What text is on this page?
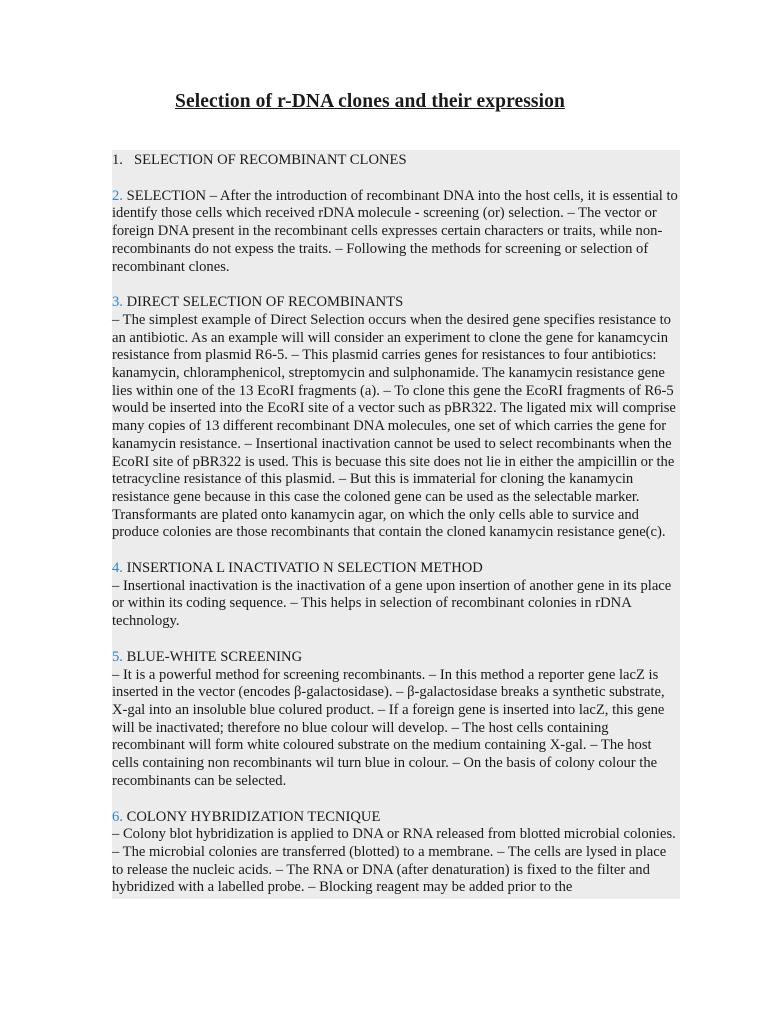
Selection of r-DNA clones and their expression

1. SELECTION OF RECOMBINANT CLONES

2. SELECTION – After the introduction of recombinant DNA into the host cells, it is essential to identify those cells which received rDNA molecule - screening (or) selection. – The vector or foreign DNA present in the recombinant cells expresses certain characters or traits, while non-recombinants do not expess the traits. – Following the methods for screening or selection of recombinant clones.

3. DIRECT SELECTION OF RECOMBINANTS

– The simplest example of Direct Selection occurs when the desired gene specifies resistance to an antibiotic. As an example will will consider an experiment to clone the gene for kanamcycin resistance from plasmid R6-5. – This plasmid carries genes for resistances to four antibiotics: kanamycin, chloramphenicol, streptomycin and sulphonamide. The kanamycin resistance gene lies within one of the 13 EcoRI fragments (a). – To clone this gene the EcoRI fragments of R6-5 would be inserted into the EcoRI site of a vector such as pBR322. The ligated mix will comprise many copies of 13 different recombinant DNA molecules, one set of which carries the gene for kanamycin resistance. – Insertional inactivation cannot be used to select recombinants when the EcoRI site of pBR322 is used. This is becuase this site does not lie in either the ampicillin or the tetracycline resistance of this plasmid. – But this is immaterial for cloning the kanamycin resistance gene because in this case the coloned gene can be used as the selectable marker. Transformants are plated onto kanamycin agar, on which the only cells able to survice and produce colonies are those recombinants that contain the cloned kanamycin resistance gene(c).

4. INSERTIONA L INACTIVATIO N SELECTION METHOD

– Insertional inactivation is the inactivation of a gene upon insertion of another gene in its place or within its coding sequence. – This helps in selection of recombinant colonies in rDNA technology.

5. BLUE-WHITE SCREENING

– It is a powerful method for screening recombinants. – In this method a reporter gene lacZ is inserted in the vector (encodes β-galactosidase). – β-galactosidase breaks a synthetic substrate, X-gal into an insoluble blue colured product. – If a foreign gene is inserted into lacZ, this gene will be inactivated; therefore no blue colour will develop. – The host cells containing recombinant will form white coloured substrate on the medium containing X-gal. – The host cells containing non recombinants wil turn blue in colour. – On the basis of colony colour the recombinants can be selected.

6. COLONY HYBRIDIZATION TECNIQUE

– Colony blot hybridization is applied to DNA or RNA released from blotted microbial colonies. – The microbial colonies are transferred (blotted) to a membrane. – The cells are lysed in place to release the nucleic acids. – The RNA or DNA (after denaturation) is fixed to the filter and hybridized with a labelled probe. – Blocking reagent may be added prior to the
